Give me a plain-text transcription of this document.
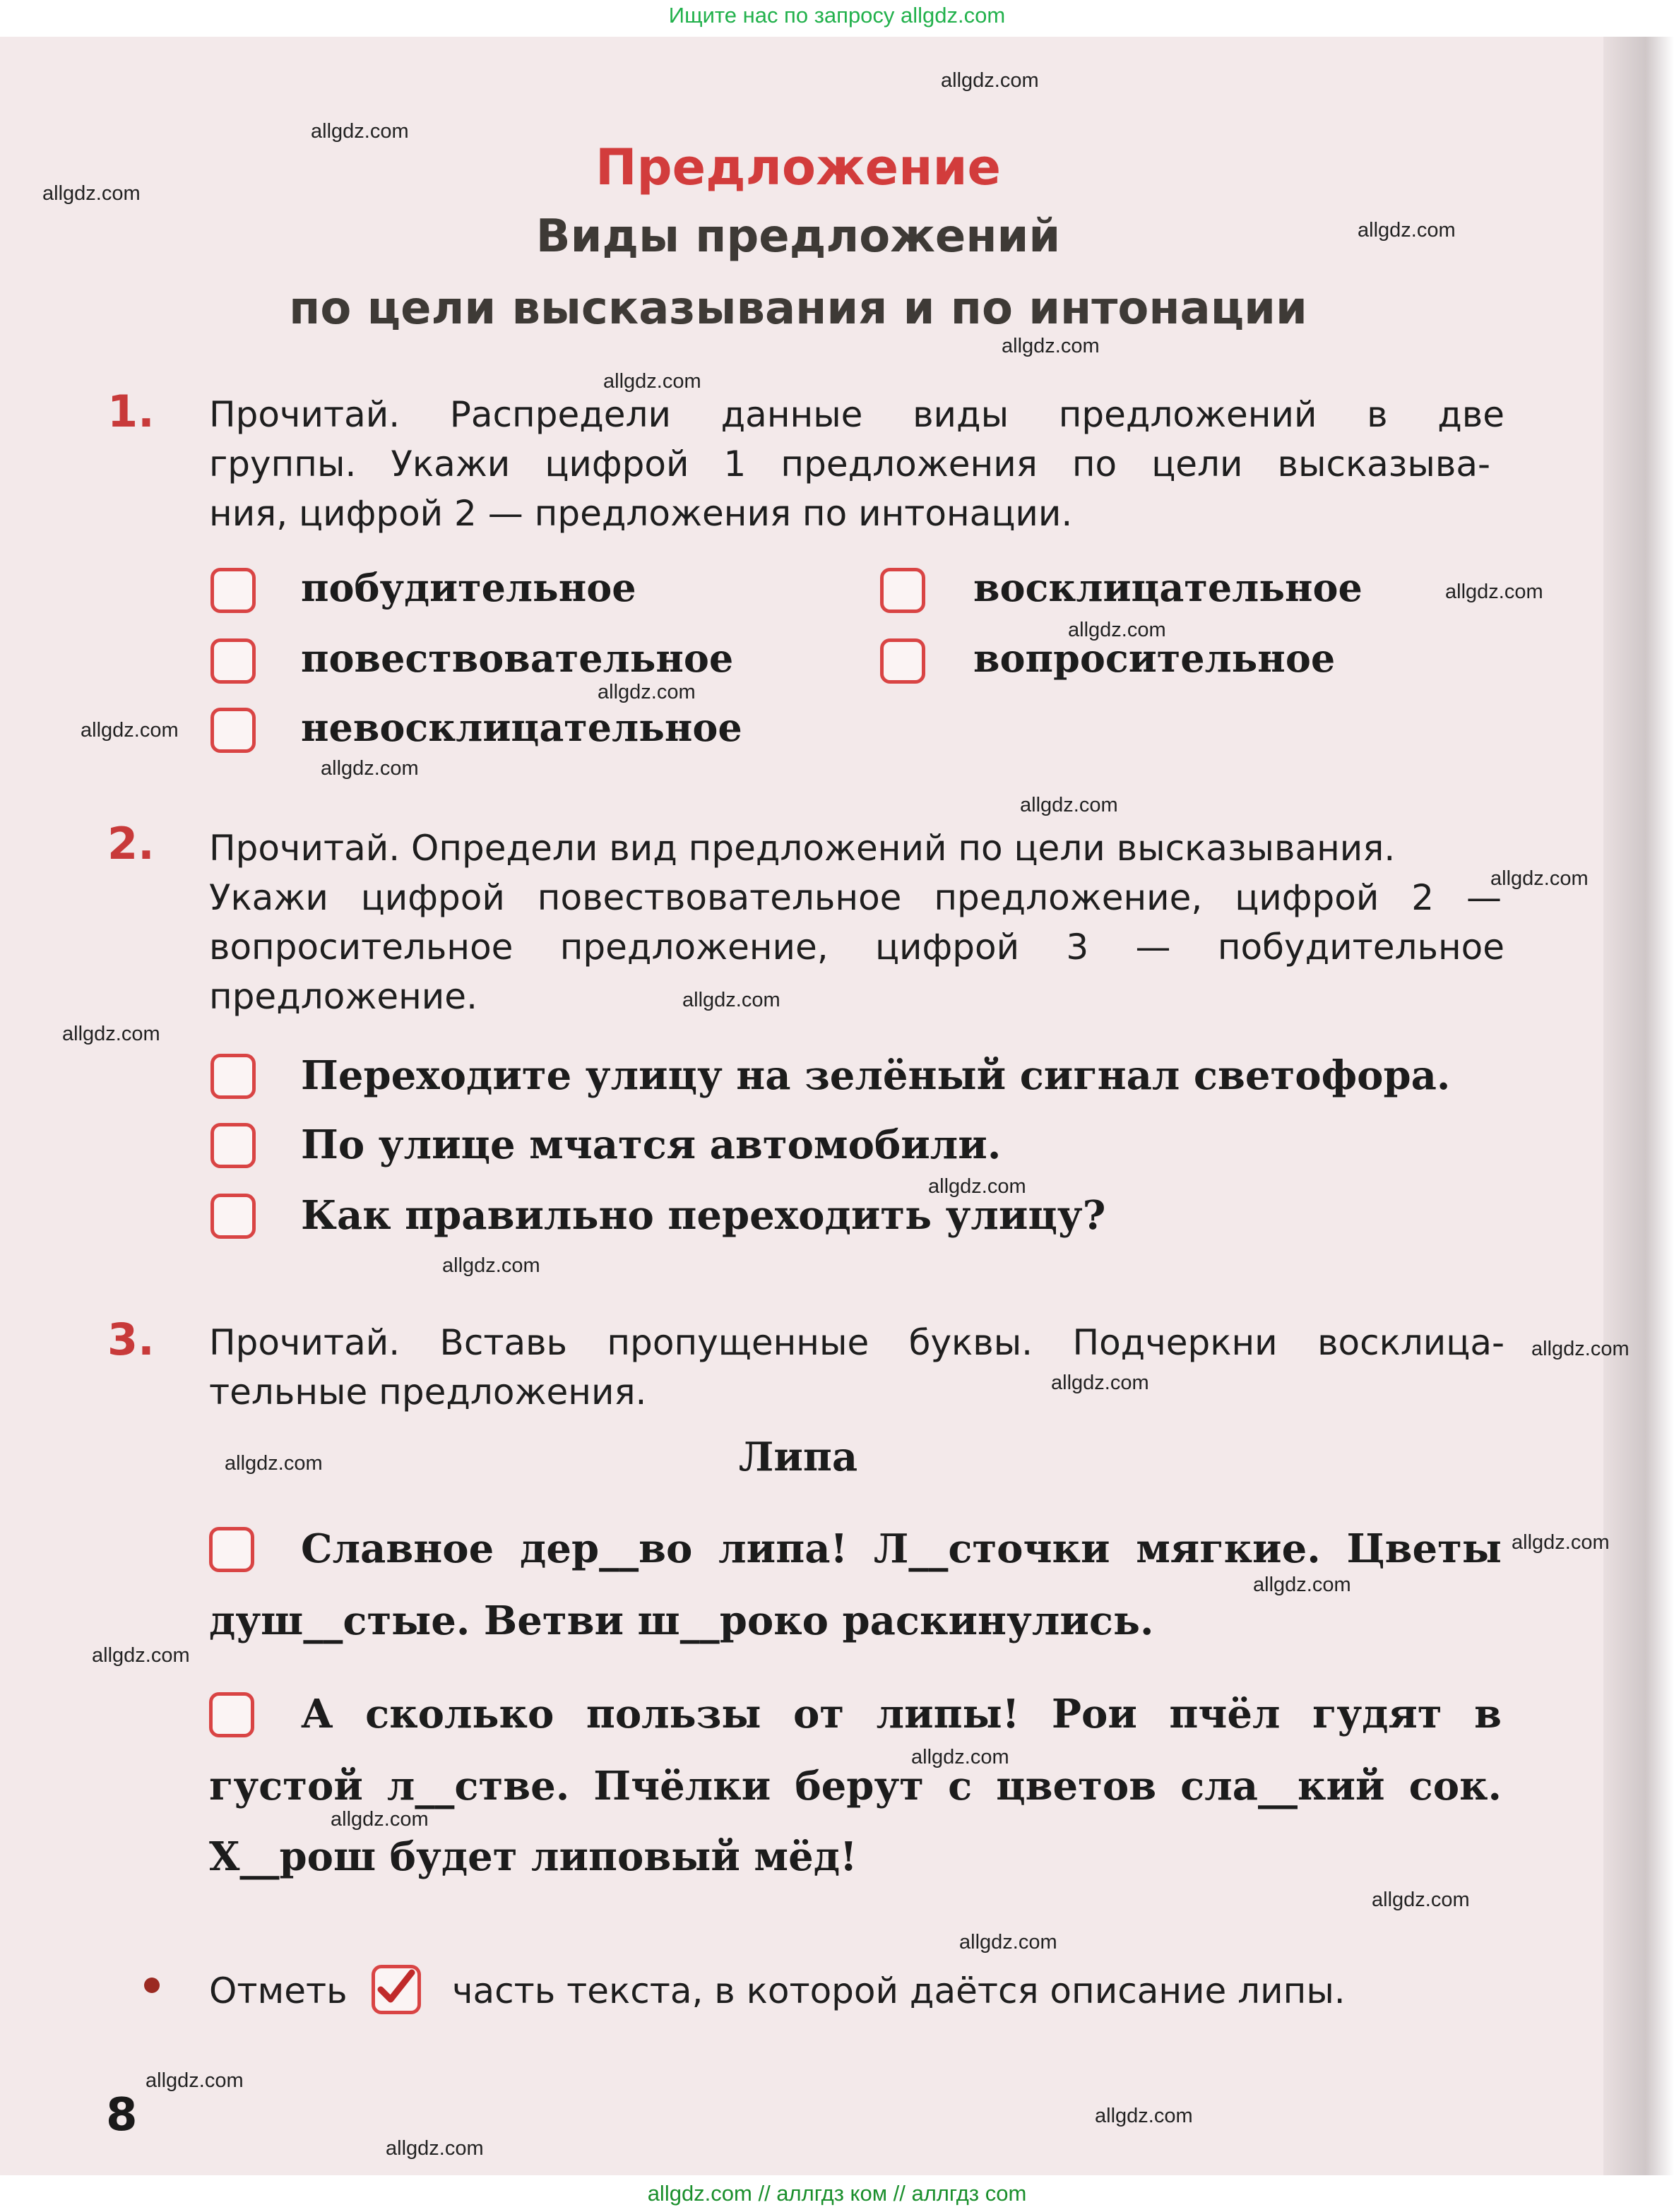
Ищите нас по запросу allgdz.com
Предложение
Виды предложений
по цели высказывания и по интонации
1. Прочитай. Распредели данные виды предложений в две
группы. Укажи цифрой 1 предложения по цели высказыва-
ния, цифрой 2 — предложения по интонации.
побудительное	восклицательное
повествовательное	вопросительное
невосклицательное
2. Прочитай. Определи вид предложений по цели высказывания.
Укажи цифрой повествовательное предложение, цифрой 2 —
вопросительное предложение, цифрой 3 — побудительное
предложение.
Переходите улицу на зелёный сигнал светофора.
По улице мчатся автомобили.
Как правильно переходить улицу?
3. Прочитай. Вставь пропущенные буквы. Подчеркни восклица-
тельные предложения.
Липа
Славное дер__во липа! Л__сточки мягкие. Цветы
душ__стые. Ветви ш__роко раскинулись.
А сколько пользы от липы! Рои пчёл гудят в
густой л__стве. Пчёлки берут с цветов сла__кий сок.
Х__рош будет липовый мёд!
Отметь	часть текста, в которой даётся описание липы.
8
allgdz.com
allgdz.com
allgdz.com
allgdz.com
allgdz.com
allgdz.com
allgdz.com
allgdz.com
allgdz.com
allgdz.com
allgdz.com
allgdz.com
allgdz.com
allgdz.com
allgdz.com
allgdz.com
allgdz.com
allgdz.com
allgdz.com
allgdz.com
allgdz.com
allgdz.com
allgdz.com
allgdz.com
allgdz.com
allgdz.com
allgdz.com
allgdz.com
allgdz.com
allgdz.com
allgdz.com // аллгдз ком // аллгдз com
